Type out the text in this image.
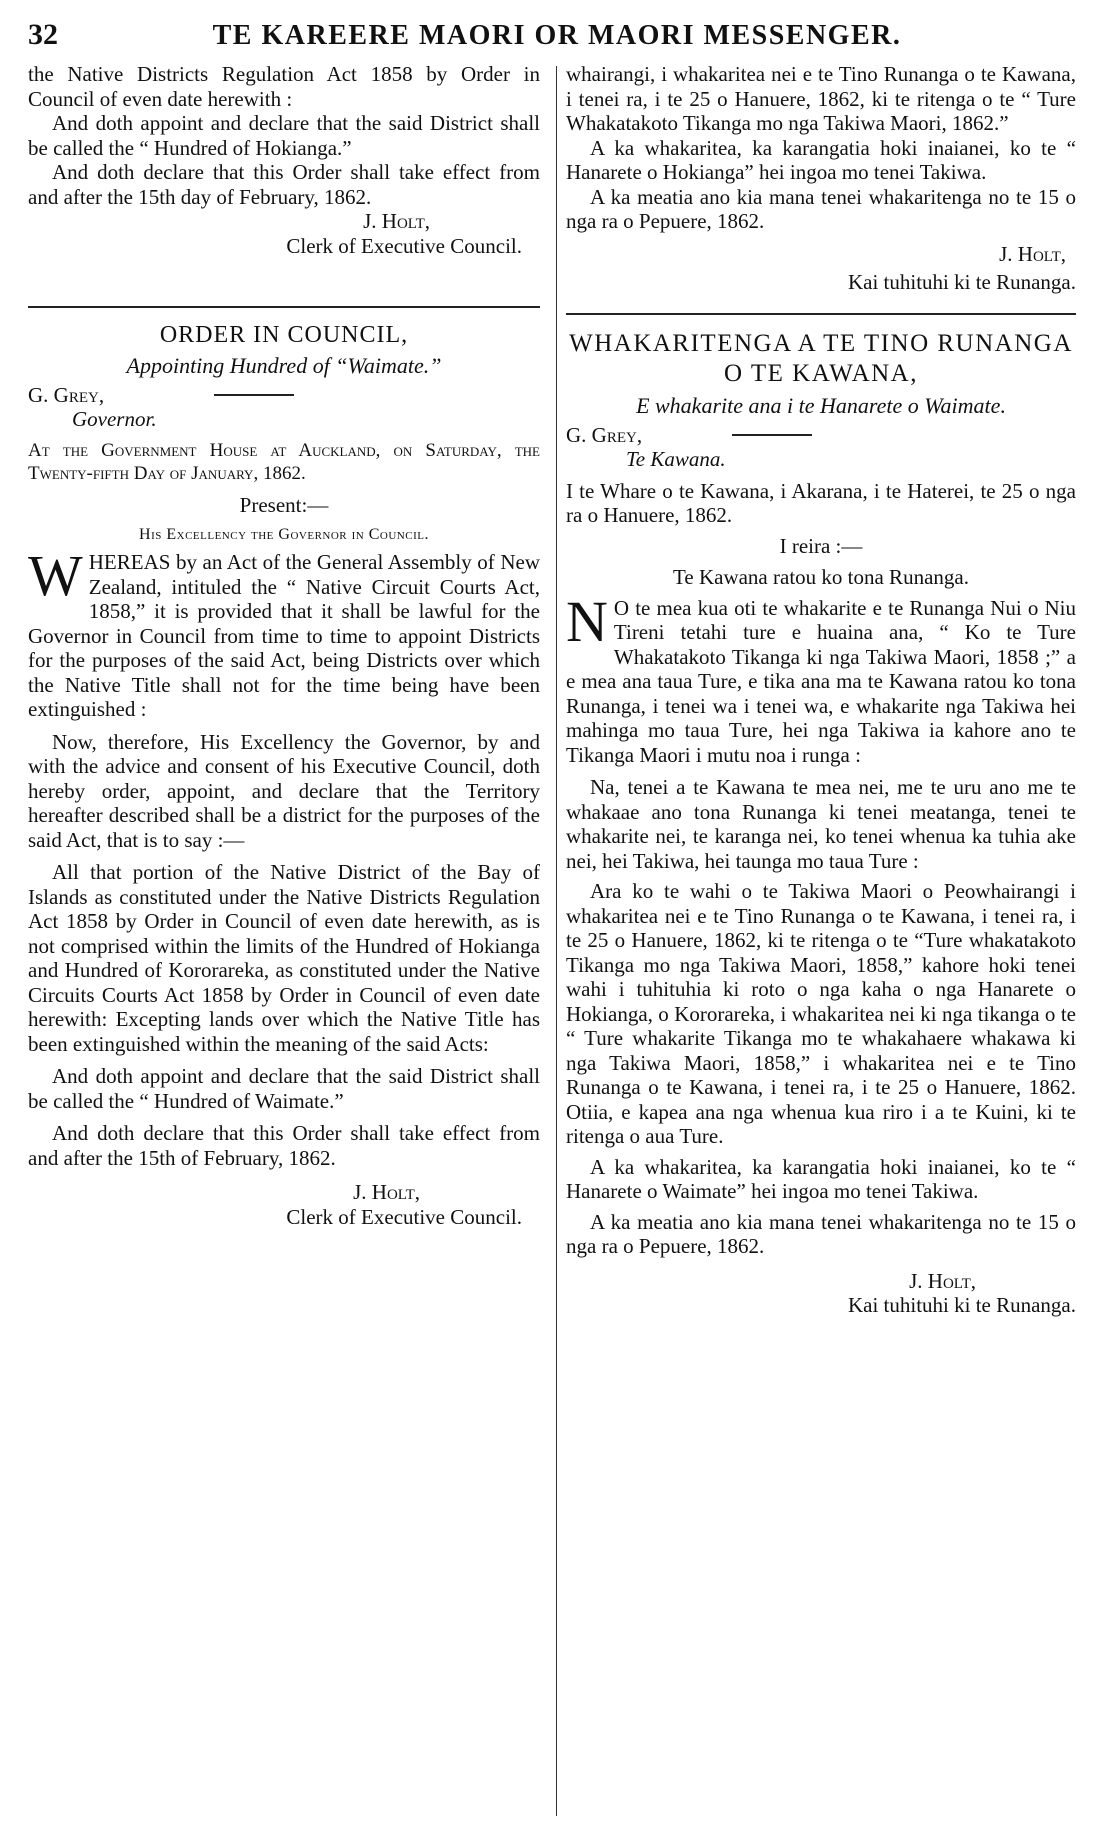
32	TE KAREERE MAORI OR MAORI MESSENGER.

the Native Districts Regulation Act 1858 by Order in Council of even date herewith :

And doth appoint and declare that the said District shall be called the “ Hundred of Hokianga.”

And doth declare that this Order shall take effect from and after the 15th day of February, 1862.

J. Holt,
Clerk of Executive Council.
ORDER IN COUNCIL,
Appointing Hundred of “Waimate.”
G. Grey,
Governor.

At the Government House at Auckland, on Saturday, the Twenty-fifth Day of January, 1862.

Present:—
His Excellency the Governor in Council.
W HEREAS by an Act of the General Assembly of New Zealand, intituled the “ Native Circuit Courts Act, 1858,” it is provided that it shall be lawful for the Governor in Council from time to time to appoint Districts for the purposes of the said Act, being Districts over which the Native Title shall not for the time being have been extinguished :

Now, therefore, His Excellency the Governor, by and with the advice and consent of his Executive Council, doth hereby order, appoint, and declare that the Territory hereafter described shall be a district for the purposes of the said Act, that is to say :—

All that portion of the Native District of the Bay of Islands as constituted under the Native Districts Regulation Act 1858 by Order in Council of even date herewith, as is not comprised within the limits of the Hundred of Hokianga and Hundred of Kororareka, as constituted under the Native Circuits Courts Act 1858 by Order in Council of even date herewith: Excepting lands over which the Native Title has been extinguished within the meaning of the said Acts:

And doth appoint and declare that the said District shall be called the “ Hundred of Waimate.”

And doth declare that this Order shall take effect from and after the 15th of February, 1862.

J. Holt,
Clerk of Executive Council.

whairangi, i whakaritea nei e te Tino Runanga o te Kawana, i tenei ra, i te 25 o Hanuere, 1862, ki te ritenga o te “ Ture Whakatakoto Tikanga mo nga Takiwa Maori, 1862.”

A ka whakaritea, ka karangatia hoki inaianei, ko te “ Hanarete o Hokianga” hei ingoa mo tenei Takiwa.

A ka meatia ano kia mana tenei whakaritenga no te 15 o nga ra o Pepuere, 1862.

J. Holt,
Kai tuhituhi ki te Runanga.
WHAKARITENGA A TE TINO RUNANGA O TE KAWANA,
E whakarite ana i te Hanarete o Waimate.
G. Grey,
Te Kawana.

I te Whare o te Kawana, i Akarana, i te Haterei, te 25 o nga ra o Hanuere, 1862.

I reira :—
Te Kawana ratou ko tona Runanga.
N O te mea kua oti te whakarite e te Runanga Nui o Niu Tireni tetahi ture e huaina ana, “ Ko te Ture Whakatakoto Tikanga ki nga Takiwa Maori, 1858 ;” a e mea ana taua Ture, e tika ana ma te Kawana ratou ko tona Runanga, i tenei wa i tenei wa, e whakarite nga Takiwa hei mahinga mo taua Ture, hei nga Takiwa ia kahore ano te Tikanga Maori i mutu noa i runga :

Na, tenei a te Kawana te mea nei, me te uru ano me te whakaae ano tona Runanga ki tenei meatanga, tenei te whakarite nei, te karanga nei, ko tenei whenua ka tuhia ake nei, hei Takiwa, hei taunga mo taua Ture :

Ara ko te wahi o te Takiwa Maori o Peowhairangi i whakaritea nei e te Tino Runanga o te Kawana, i tenei ra, i te 25 o Hanuere, 1862, ki te ritenga o te “Ture whakatakoto Tikanga mo nga Takiwa Maori, 1858,” kahore hoki tenei wahi i tuhituhia ki roto o nga kaha o nga Hanarete o Hokianga, o Kororareka, i whakaritea nei ki nga tikanga o te “ Ture whakarite Tikanga mo te whakahaere whakawa ki nga Takiwa Maori, 1858,” i whakaritea nei e te Tino Runanga o te Kawana, i tenei ra, i te 25 o Hanuere, 1862. Otiia, e kapea ana nga whenua kua riro i a te Kuini, ki te ritenga o aua Ture.

A ka whakaritea, ka karangatia hoki inaianei, ko te “ Hanarete o Waimate” hei ingoa mo tenei Takiwa.

A ka meatia ano kia mana tenei whakaritenga no te 15 o nga ra o Pepuere, 1862.

J. Holt,
Kai tuhituhi ki te Runanga.
